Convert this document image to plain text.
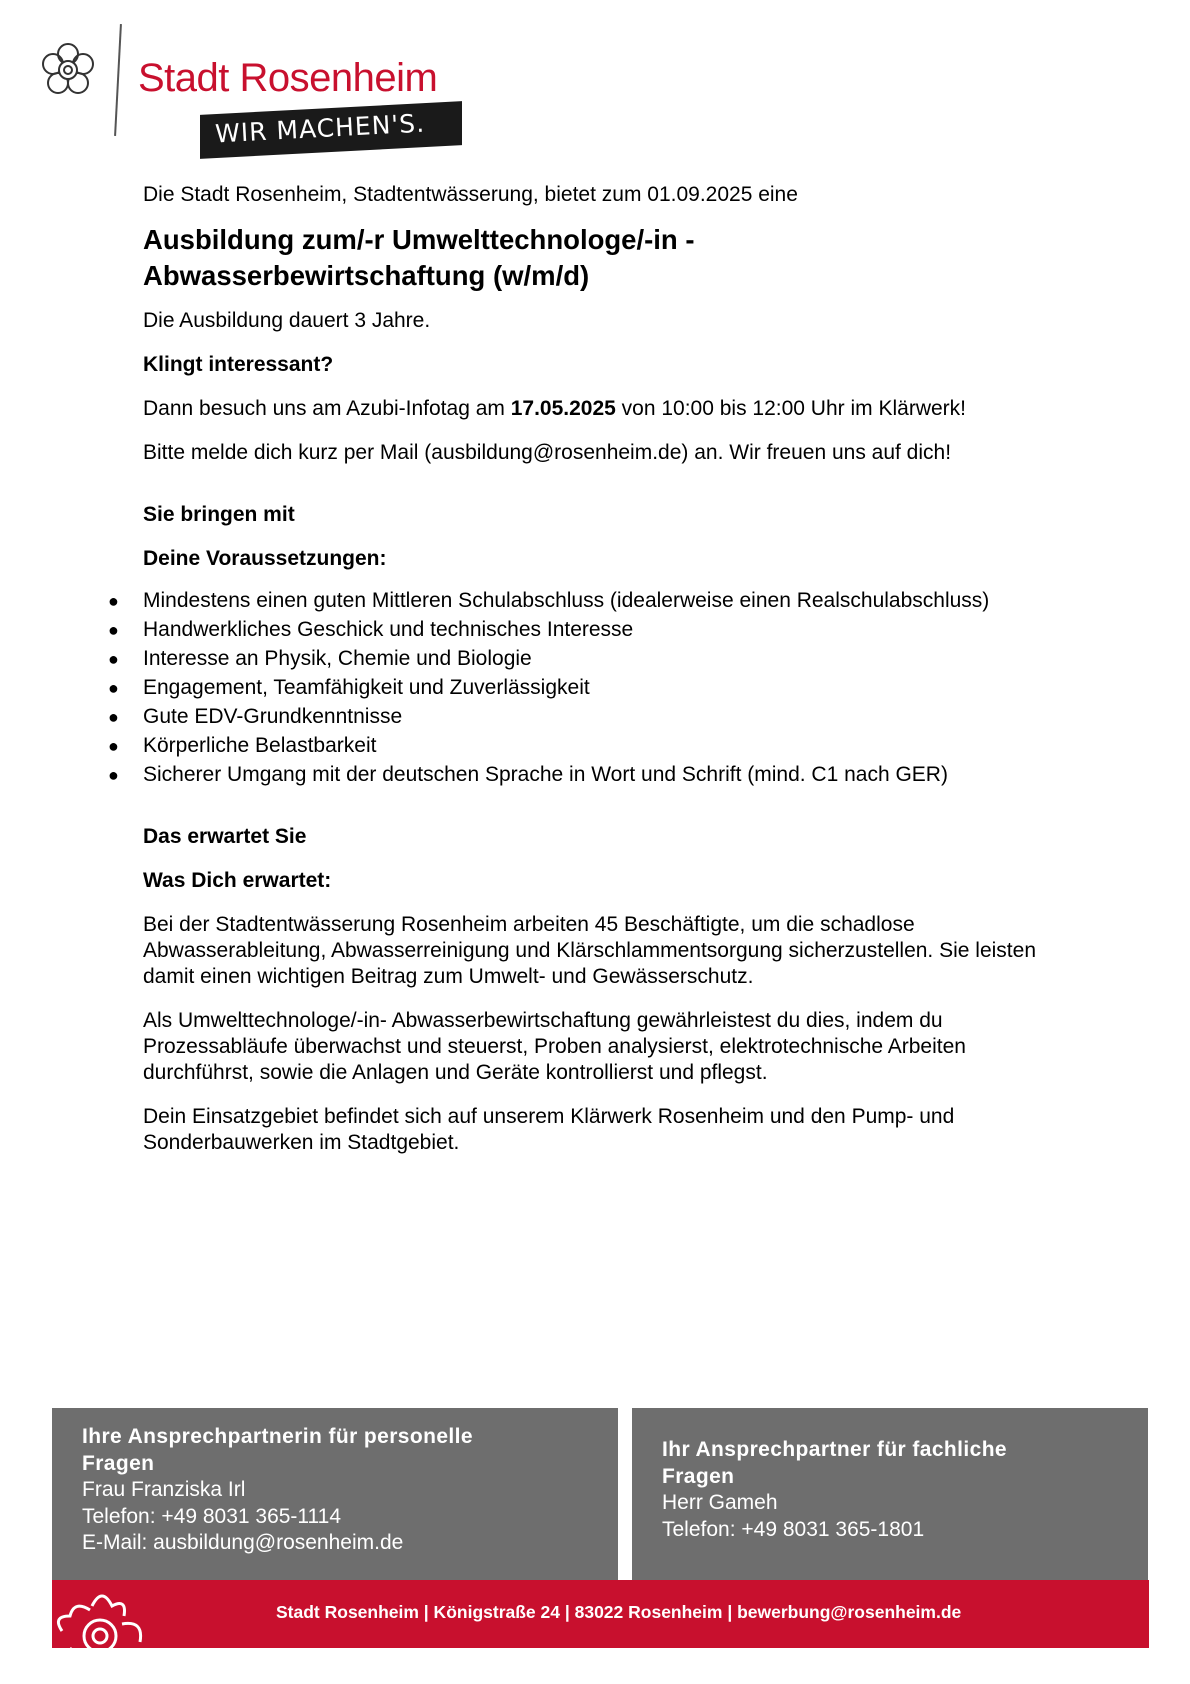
Stadt Rosenheim
WIR MACHEN'S.

Die Stadt Rosenheim, Stadtentwässerung, bietet zum 01.09.2025 eine

Ausbildung zum/-r Umwelttechnologe/-in -
Abwasserbewirtschaftung (w/m/d)

Die Ausbildung dauert 3 Jahre.

Klingt interessant?

Dann besuch uns am Azubi-Infotag am 17.05.2025 von 10:00 bis 12:00 Uhr im Klärwerk!

Bitte melde dich kurz per Mail (ausbildung@rosenheim.de) an. Wir freuen uns auf dich!

Sie bringen mit

Deine Voraussetzungen:

● Mindestens einen guten Mittleren Schulabschluss (idealerweise einen Realschulabschluss)
● Handwerkliches Geschick und technisches Interesse
● Interesse an Physik, Chemie und Biologie
● Engagement, Teamfähigkeit und Zuverlässigkeit
● Gute EDV-Grundkenntnisse
● Körperliche Belastbarkeit
● Sicherer Umgang mit der deutschen Sprache in Wort und Schrift (mind. C1 nach GER)

Das erwartet Sie

Was Dich erwartet:

Bei der Stadtentwässerung Rosenheim arbeiten 45 Beschäftigte, um die schadlose Abwasserableitung, Abwasserreinigung und Klärschlammentsorgung sicherzustellen. Sie leisten damit einen wichtigen Beitrag zum Umwelt- und Gewässerschutz.

Als Umwelttechnologe/-in- Abwasserbewirtschaftung gewährleistest du dies, indem du Prozessabläufe überwachst und steuerst, Proben analysierst, elektrotechnische Arbeiten durchführst, sowie die Anlagen und Geräte kontrollierst und pflegst.

Dein Einsatzgebiet befindet sich auf unserem Klärwerk Rosenheim und den Pump- und Sonderbauwerken im Stadtgebiet.

Ihre Ansprechpartnerin für personelle
Fragen
Frau Franziska Irl
Telefon: +49 8031 365-1114
E-Mail: ausbildung@rosenheim.de
Ihr Ansprechpartner für fachliche
Fragen
Herr Gameh
Telefon: +49 8031 365-1801
Stadt Rosenheim | Königstraße 24 | 83022 Rosenheim | bewerbung@rosenheim.de
